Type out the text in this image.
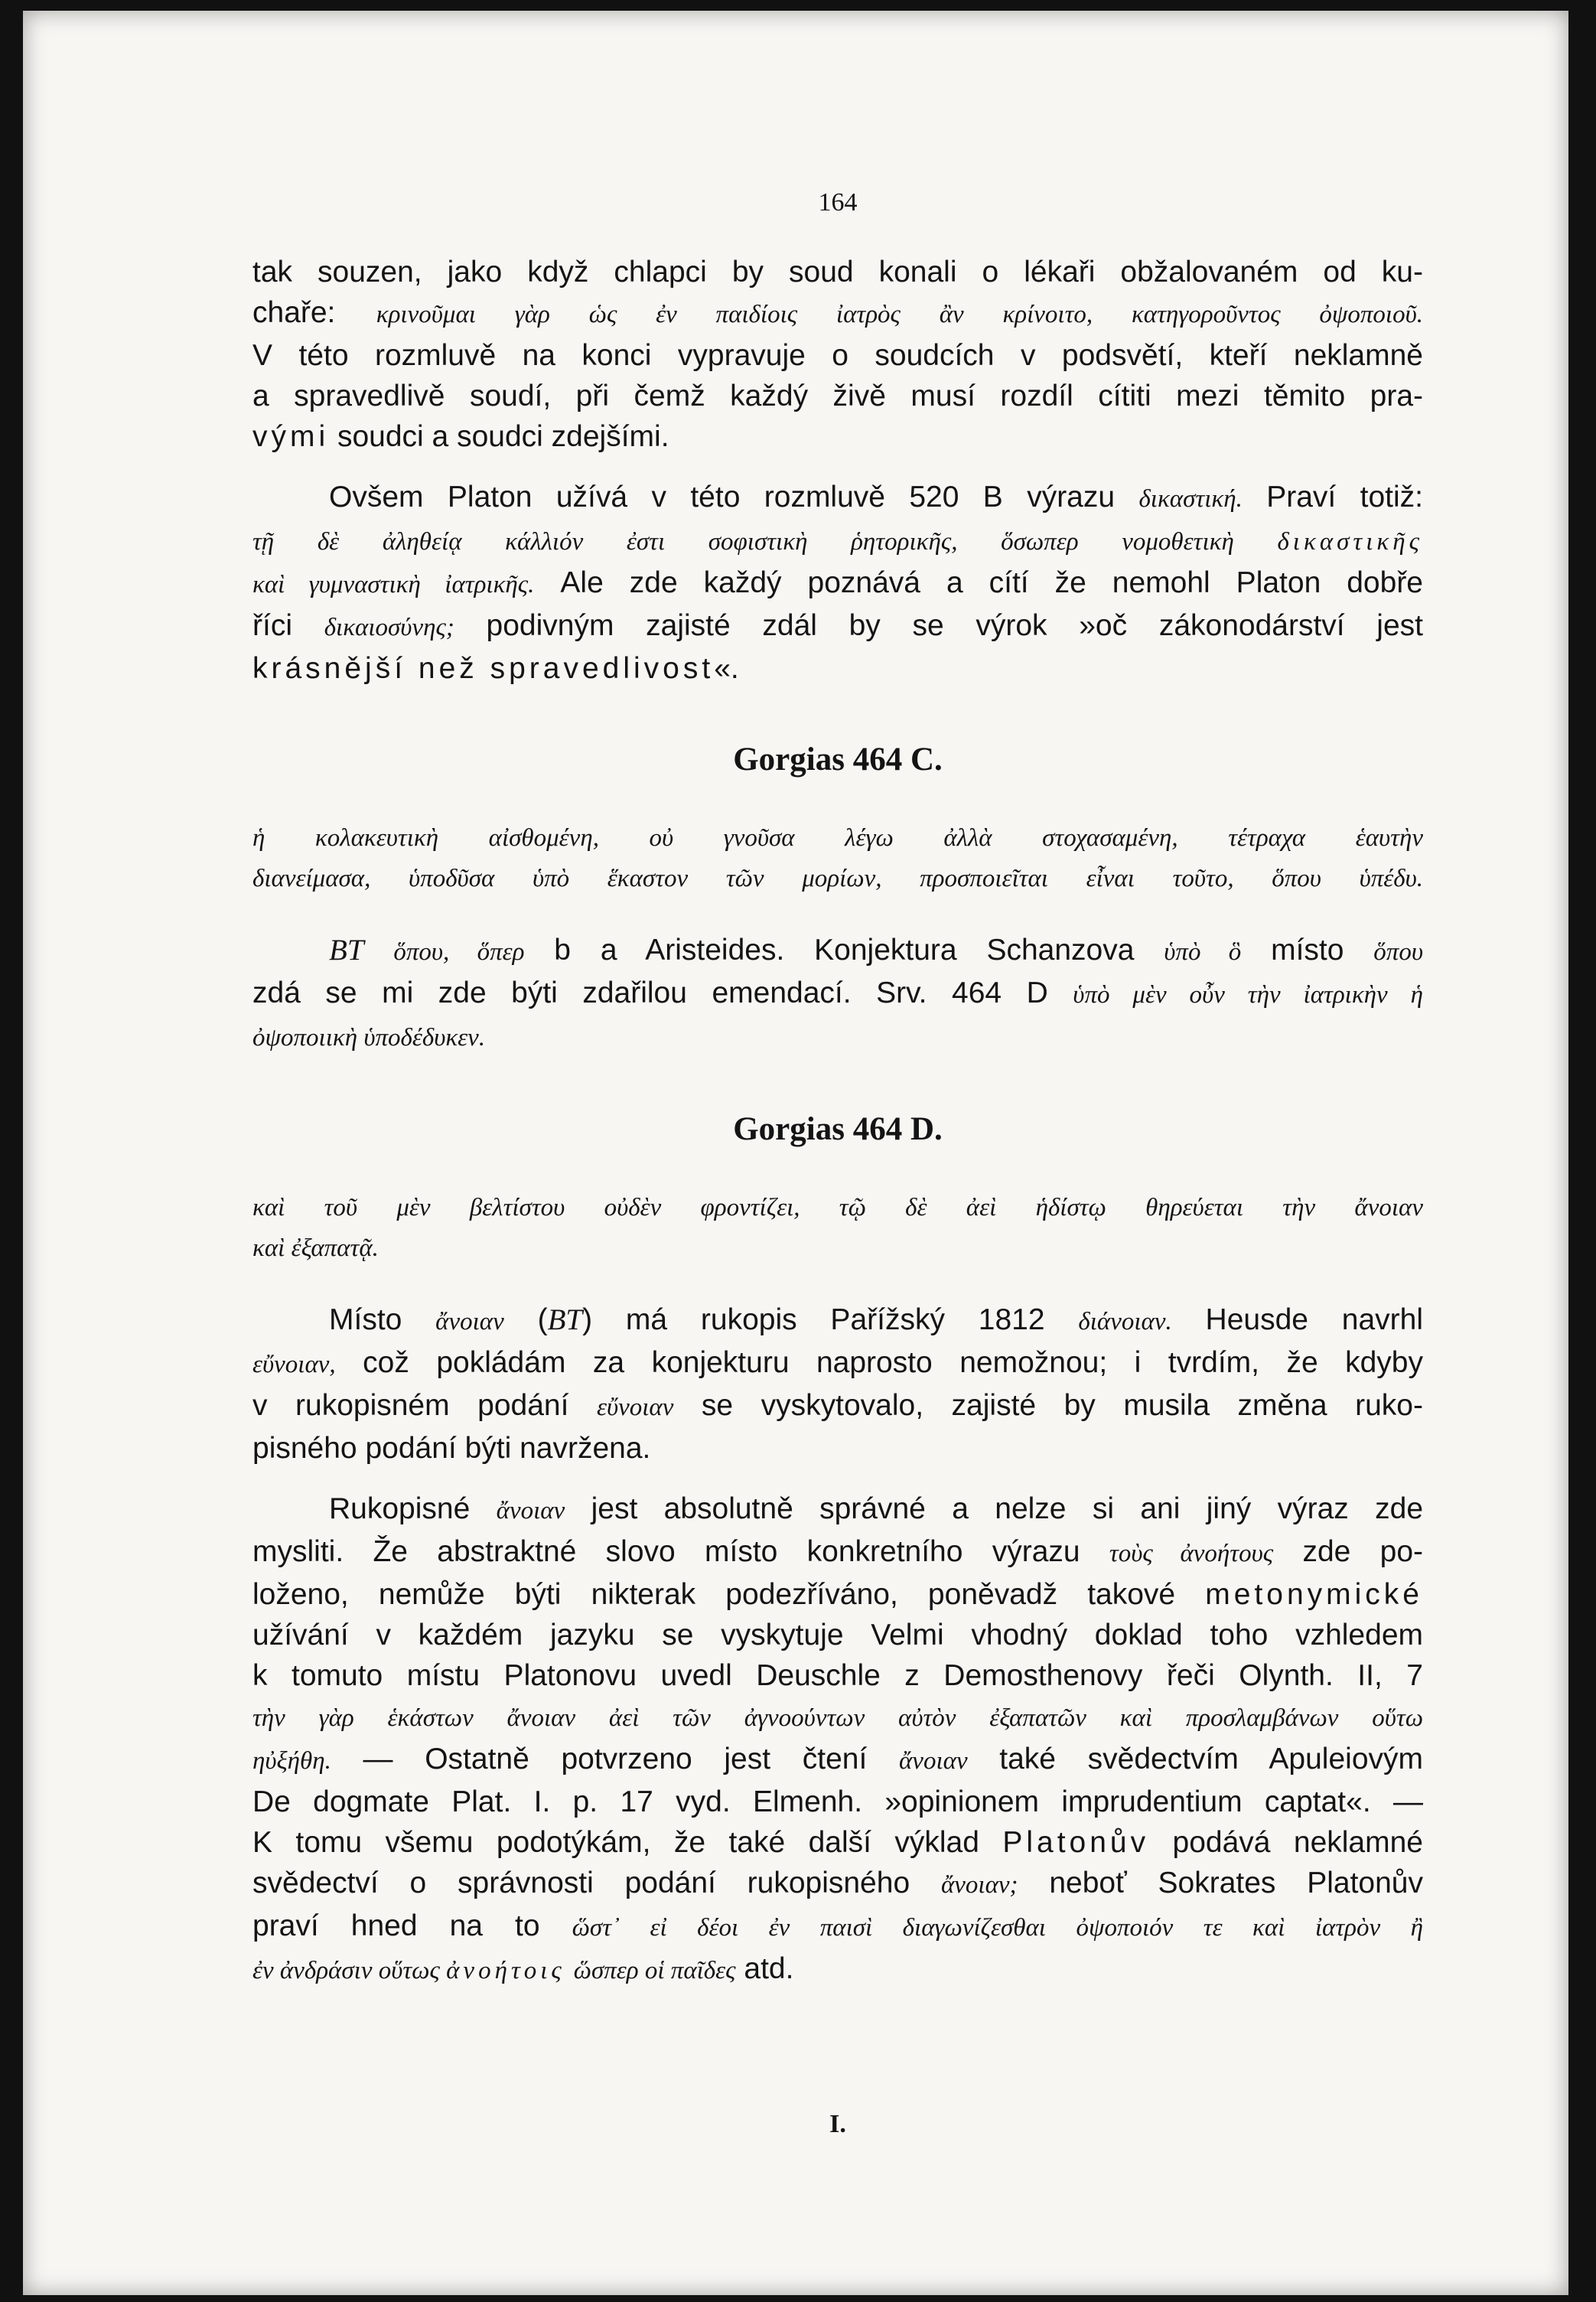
164
tak souzen, jako když chlapci by soud konali o lékaři obžalovaném od ku-
chaře: κρινοῦμαι γὰρ ὡς ἐν παιδίοις ἰατρὸς ἂν κρίνοιτο, κατηγοροῦντος ὀψοποιοῦ.
V této rozmluvě na konci vypravuje o soudcích v podsvětí, kteří neklamně
a spravedlivě soudí, při čemž každý živě musí rozdíl cítiti mezi těmito pra-
vými soudci a soudci zdejšími.
Ovšem Platon užívá v této rozmluvě 520 B výrazu δικαστική. Praví totiž:
τῇ δὲ ἀληθείᾳ κάλλιόν ἐστι σοφιστικὴ ῥητορικῆς, ὅσωπερ νομοθετικὴ δικαστικῆς
καὶ γυμναστικὴ ἰατρικῆς. Ale zde každý poznává a cítí že nemohl Platon dobře
říci δικαιοσύνης; podivným zajisté zdál by se výrok »oč zákonodárství jest
krásnější než spravedlivost«.
Gorgias 464 C.
ἡ κολακευτικὴ αἰσθομένη, οὐ γνοῦσα λέγω ἀλλὰ στοχασαμένη, τέτραχα ἑαυτὴν
διανείμασα, ὑποδῦσα ὑπὸ ἕκαστον τῶν μορίων, προσποιεῖται εἶναι τοῦτο, ὅπου ὑπέδυ.
BT ὅπου, ὅπερ b a Aristeides. Konjektura Schanzova ὑπὸ ὃ místo ὅπου
zdá se mi zde býti zdařilou emendací. Srv. 464 D ὑπὸ μὲν οὖν τὴν ἰατρικὴν ἡ
ὀψοποιικὴ ὑποδέδυκεν.
Gorgias 464 D.
καὶ τοῦ μὲν βελτίστου οὐδὲν φροντίζει, τῷ δὲ ἀεὶ ἡδίστῳ θηρεύεται τὴν ἄνοιαν
καὶ ἐξαπατᾷ.
Místo ἄνοιαν (BT) má rukopis Pařížský 1812 διάνοιαν. Heusde navrhl
εὔνοιαν, což pokládám za konjekturu naprosto nemožnou; i tvrdím, že kdyby
v rukopisném podání εὔνοιαν se vyskytovalo, zajisté by musila změna ruko-
pisného podání býti navržena.
Rukopisné ἄνοιαν jest absolutně správné a nelze si ani jiný výraz zde
mysliti. Že abstraktné slovo místo konkretního výrazu τοὺς ἀνοήτους zde po-
loženo, nemůže býti nikterak podezříváno, poněvadž takové metonymické
užívání v každém jazyku se vyskytuje Velmi vhodný doklad toho vzhledem
k tomuto místu Platonovu uvedl Deuschle z Demosthenovy řeči Olynth. II, 7
τὴν γὰρ ἑκάστων ἄνοιαν ἀεὶ τῶν ἀγνοούντων αὐτὸν ἐξαπατῶν καὶ προσλαμβάνων οὕτω
ηὐξήθη. — Ostatně potvrzeno jest čtení ἄνοιαν také svědectvím Apuleiovým
De dogmate Plat. I. p. 17 vyd. Elmenh. »opinionem imprudentium captat«. —
K tomu všemu podotýkám, že také další výklad Platonův podává neklamné
svědectví o správnosti podání rukopisného ἄνοιαν; neboť Sokrates Platonův
praví hned na to ὥστ᾽ εἰ δέοι ἐν παισὶ διαγωνίζεσθαι ὀψοποιόν τε καὶ ἰατρὸν ἢ
ἐν ἀνδράσιν οὕτως ἀνοήτοις ὥσπερ οἱ παῖδες atd.
I.
